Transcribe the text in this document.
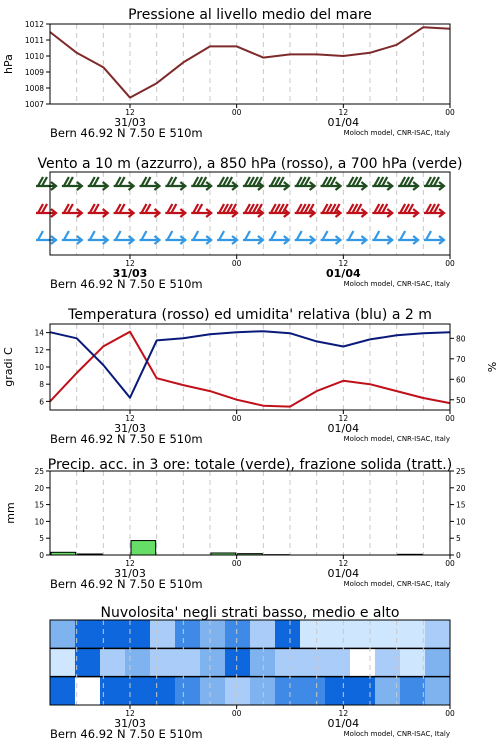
Pressione al livello medio del mare
12	00	12	00
31/03	01/04
Bern 46.92 N 7.50 E 510m	Moloch model, CNR-ISAC, Italy
1007
1008
1009
1010
1011
1012
hPa
Vento a 10 m (azzurro), a 850 hPa (rosso), a 700 hPa (verde)
12	00	12	00
31/03	01/04
Bern 46.92 N 7.50 E 510m	Moloch model, CNR-ISAC, Italy
Temperatura (rosso) ed umidita' relativa (blu) a 2 m
12	00	12	00
31/03	01/04
Bern 46.92 N 7.50 E 510m	Moloch model, CNR-ISAC, Italy
6
8
10
12
14
50
60
70
80
gradi C	%
Precip. acc. in 3 ore: totale (verde), frazione solida (tratt.)
12	00	12	00
31/03	01/04
Bern 46.92 N 7.50 E 510m	Moloch model, CNR-ISAC, Italy
0
5
10
15
20
25
0
5
10
15
20
25
mm
Nuvolosita' negli strati basso, medio e alto
12	00	12	00
31/03	01/04
Bern 46.92 N 7.50 E 510m	Moloch model, CNR-ISAC, Italy
